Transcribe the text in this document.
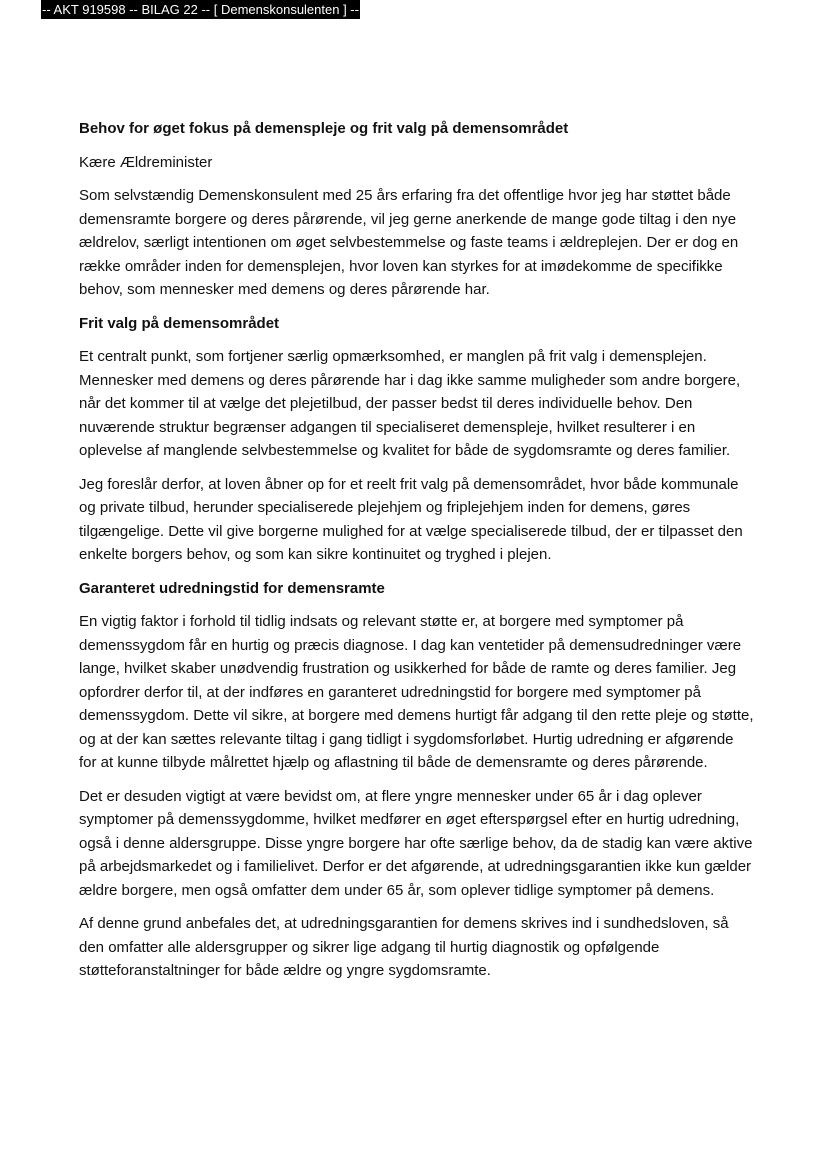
-- AKT 919598 -- BILAG 22 -- [ Demenskonsulenten ] --
Behov for øget fokus på demenspleje og frit valg på demensområdet

Kære Ældreminister

Som selvstændig Demenskonsulent med 25 års erfaring fra det offentlige hvor jeg har støttet både demensramte borgere og deres pårørende, vil jeg gerne anerkende de mange gode tiltag i den nye ældrelov, særligt intentionen om øget selvbestemmelse og faste teams i ældreplejen. Der er dog en række områder inden for demensplejen, hvor loven kan styrkes for at imødekomme de specifikke behov, som mennesker med demens og deres pårørende har.

Frit valg på demensområdet

Et centralt punkt, som fortjener særlig opmærksomhed, er manglen på frit valg i demensplejen. Mennesker med demens og deres pårørende har i dag ikke samme muligheder som andre borgere, når det kommer til at vælge det plejetilbud, der passer bedst til deres individuelle behov. Den nuværende struktur begrænser adgangen til specialiseret demenspleje, hvilket resulterer i en oplevelse af manglende selvbestemmelse og kvalitet for både de sygdomsramte og deres familier.

Jeg foreslår derfor, at loven åbner op for et reelt frit valg på demensområdet, hvor både kommunale og private tilbud, herunder specialiserede plejehjem og friplejehjem inden for demens, gøres tilgængelige. Dette vil give borgerne mulighed for at vælge specialiserede tilbud, der er tilpasset den enkelte borgers behov, og som kan sikre kontinuitet og tryghed i plejen.

Garanteret udredningstid for demensramte

En vigtig faktor i forhold til tidlig indsats og relevant støtte er, at borgere med symptomer på demenssygdom får en hurtig og præcis diagnose. I dag kan ventetider på demensudredninger være lange, hvilket skaber unødvendig frustration og usikkerhed for både de ramte og deres familier. Jeg opfordrer derfor til, at der indføres en garanteret udredningstid for borgere med symptomer på demenssygdom. Dette vil sikre, at borgere med demens hurtigt får adgang til den rette pleje og støtte, og at der kan sættes relevante tiltag i gang tidligt i sygdomsforløbet. Hurtig udredning er afgørende for at kunne tilbyde målrettet hjælp og aflastning til både de demensramte og deres pårørende.

Det er desuden vigtigt at være bevidst om, at flere yngre mennesker under 65 år i dag oplever symptomer på demenssygdomme, hvilket medfører en øget efterspørgsel efter en hurtig udredning, også i denne aldersgruppe. Disse yngre borgere har ofte særlige behov, da de stadig kan være aktive på arbejdsmarkedet og i familielivet. Derfor er det afgørende, at udredningsgarantien ikke kun gælder ældre borgere, men også omfatter dem under 65 år, som oplever tidlige symptomer på demens.

Af denne grund anbefales det, at udredningsgarantien for demens skrives ind i sundhedsloven, så den omfatter alle aldersgrupper og sikrer lige adgang til hurtig diagnostik og opfølgende støtteforanstaltninger for både ældre og yngre sygdomsramte.
